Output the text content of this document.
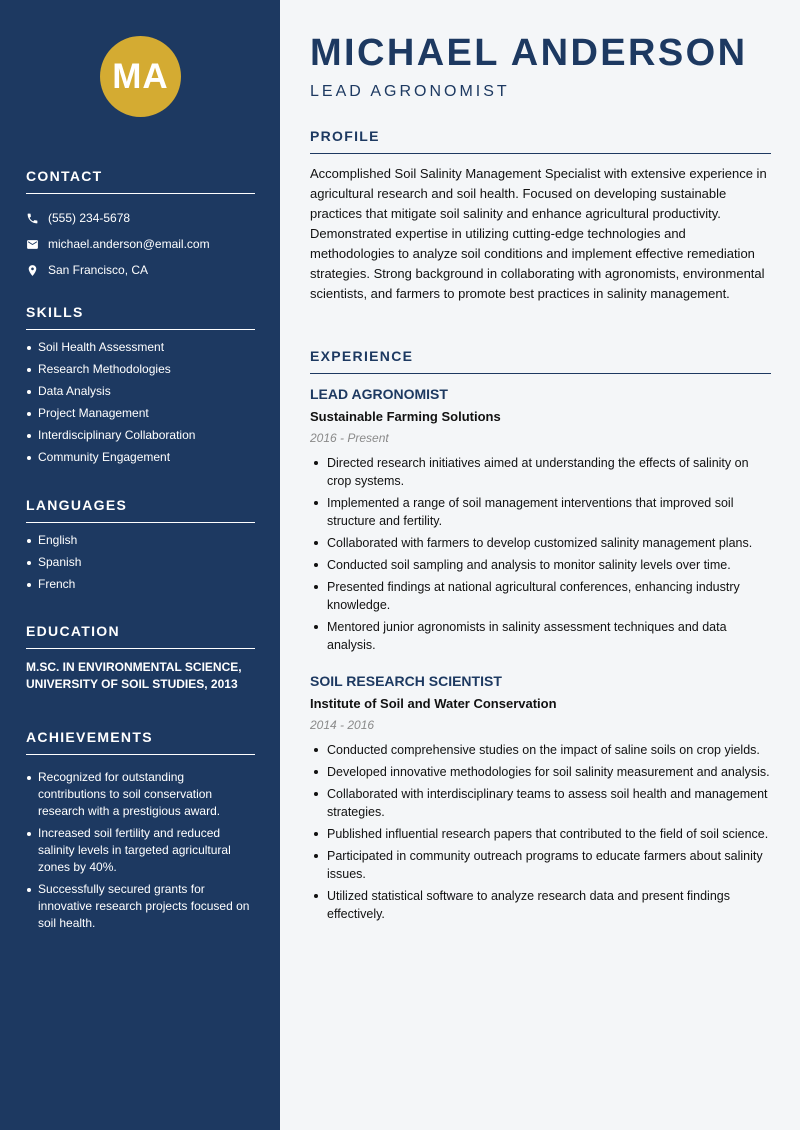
MA
CONTACT
(555) 234-5678
michael.anderson@email.com
San Francisco, CA
SKILLS
Soil Health Assessment
Research Methodologies
Data Analysis
Project Management
Interdisciplinary Collaboration
Community Engagement
LANGUAGES
English
Spanish
French
EDUCATION

M.SC. IN ENVIRONMENTAL SCIENCE, UNIVERSITY OF SOIL STUDIES, 2013

ACHIEVEMENTS
Recognized for outstanding contributions to soil conservation research with a prestigious award.
Increased soil fertility and reduced salinity levels in targeted agricultural zones by 40%.
Successfully secured grants for innovative research projects focused on soil health.
MICHAEL ANDERSON
LEAD AGRONOMIST
PROFILE

Accomplished Soil Salinity Management Specialist with extensive experience in agricultural research and soil health. Focused on developing sustainable practices that mitigate soil salinity and enhance agricultural productivity. Demonstrated expertise in utilizing cutting-edge technologies and methodologies to analyze soil conditions and implement effective remediation strategies. Strong background in collaborating with agronomists, environmental scientists, and farmers to promote best practices in salinity management.

EXPERIENCE
LEAD AGRONOMIST
Sustainable Farming Solutions
2016 - Present
Directed research initiatives aimed at understanding the effects of salinity on crop systems.
Implemented a range of soil management interventions that improved soil structure and fertility.
Collaborated with farmers to develop customized salinity management plans.
Conducted soil sampling and analysis to monitor salinity levels over time.
Presented findings at national agricultural conferences, enhancing industry knowledge.
Mentored junior agronomists in salinity assessment techniques and data analysis.
SOIL RESEARCH SCIENTIST
Institute of Soil and Water Conservation
2014 - 2016
Conducted comprehensive studies on the impact of saline soils on crop yields.
Developed innovative methodologies for soil salinity measurement and analysis.
Collaborated with interdisciplinary teams to assess soil health and management strategies.
Published influential research papers that contributed to the field of soil science.
Participated in community outreach programs to educate farmers about salinity issues.
Utilized statistical software to analyze research data and present findings effectively.
